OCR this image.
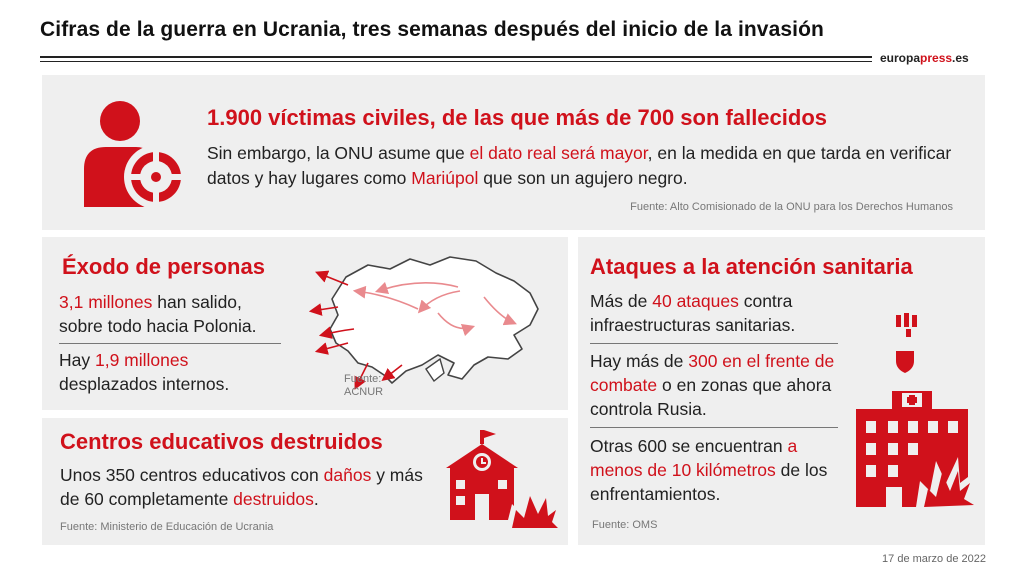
Cifras de la guerra en Ucrania, tres semanas después del inicio de la invasión
europapress.es
1.900 víctimas civiles, de las que más de 700 son fallecidos
Sin embargo, la ONU asume que el dato real será mayor, en la medida en que tarda en verificar datos y hay lugares como Mariúpol que son un agujero negro.
Fuente: Alto Comisionado de la ONU para los Derechos Humanos
Éxodo de personas
3,1 millones han salido, sobre todo hacia Polonia.
Hay 1,9 millones desplazados internos.	Fuente:
ACNUR
Ataques a la atención sanitaria
Más de 40 ataques contra infraestructuras sanitarias.
Hay más de 300 en el frente de combate o en zonas que ahora controla Rusia.
Otras 600 se encuentran a menos de 10 kilómetros de los enfrentamientos.
Fuente: OMS
Centros educativos destruidos
Unos 350 centros educativos con daños y más de 60 completamente destruidos.
Fuente: Ministerio de Educación de Ucrania
17 de marzo de 2022
